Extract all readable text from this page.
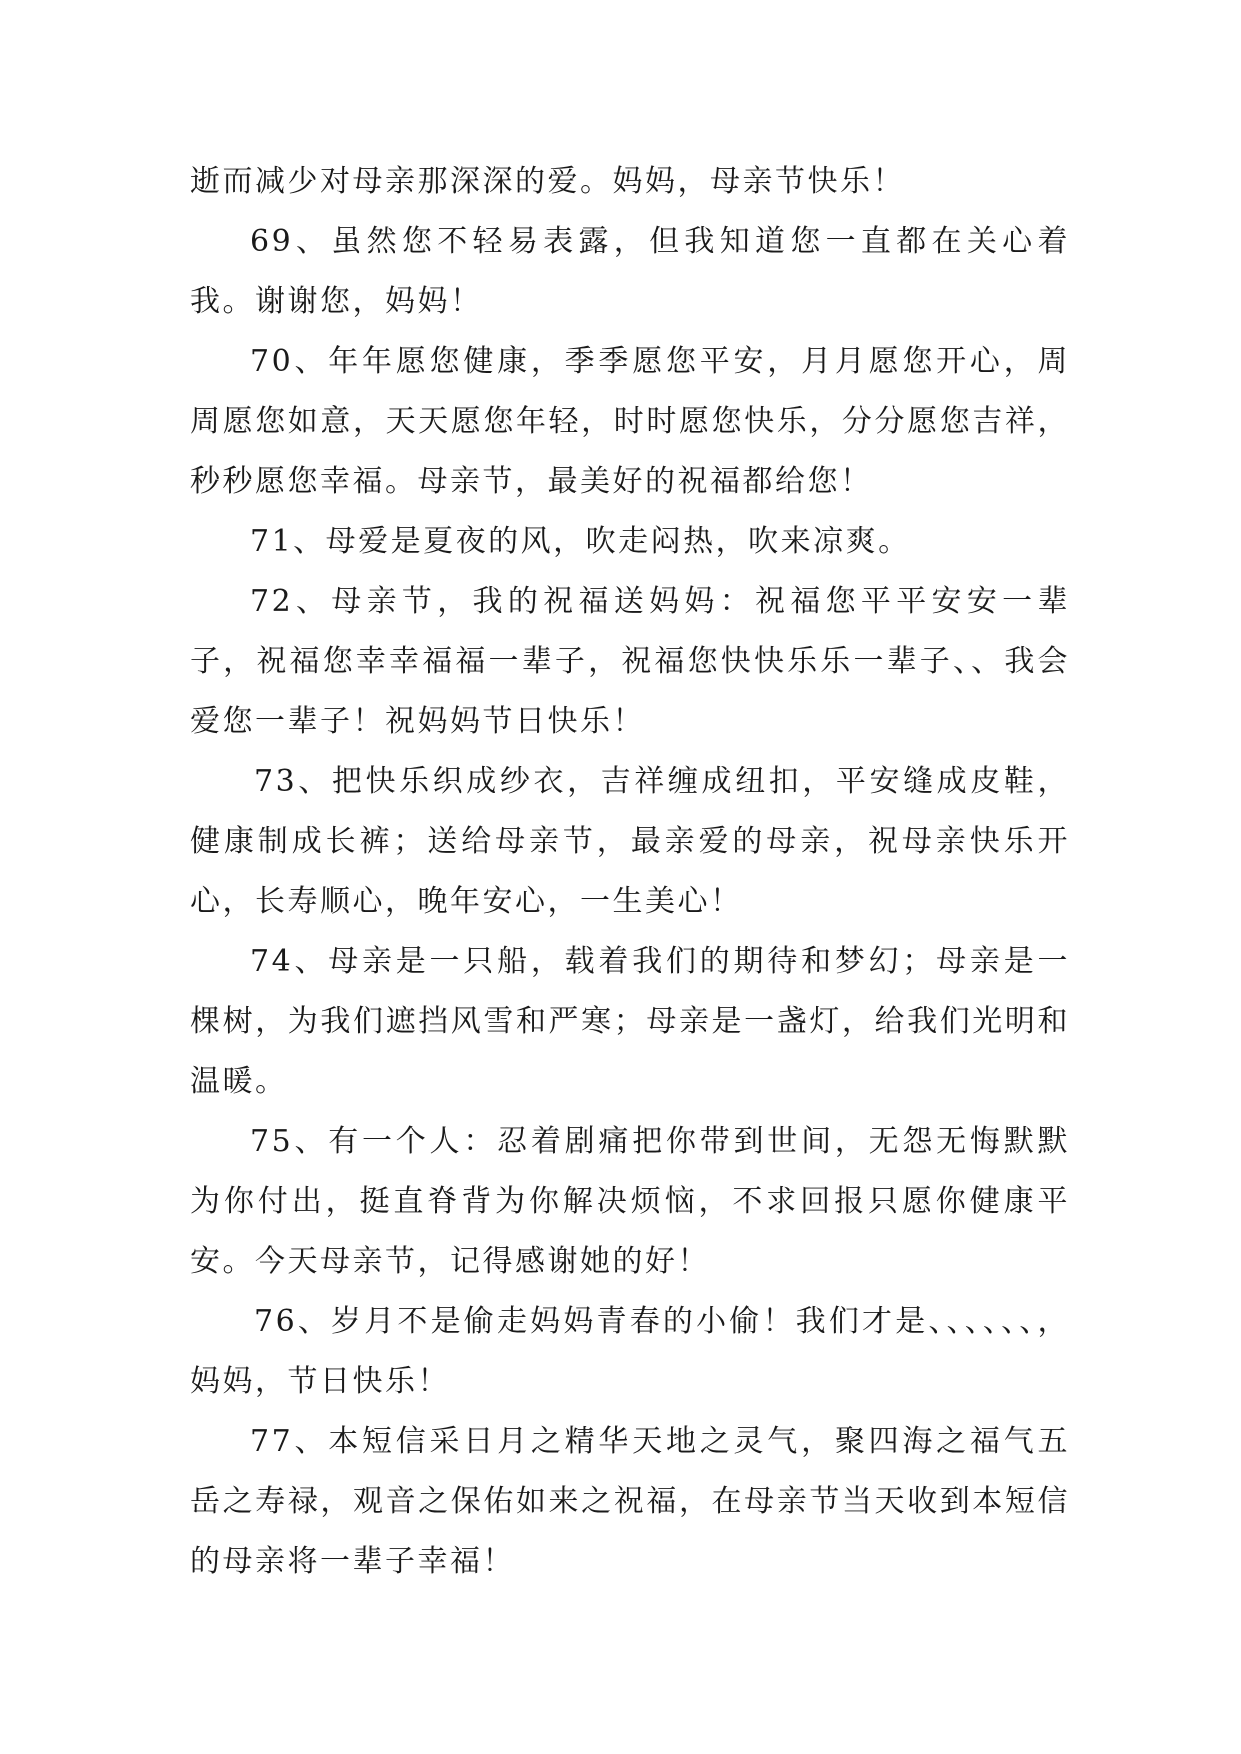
逝而减少对母亲那深深的爱。妈妈，母亲节快乐！

69、虽然您不轻易表露，但我知道您一直都在关心着我。谢谢您，妈妈！

70、年年愿您健康，季季愿您平安，月月愿您开心，周周愿您如意，天天愿您年轻，时时愿您快乐，分分愿您吉祥，秒秒愿您幸福。母亲节，最美好的祝福都给您！

71、母爱是夏夜的风，吹走闷热，吹来凉爽。

72、母亲节，我的祝福送妈妈：祝福您平平安安一辈子，祝福您幸幸福福一辈子，祝福您快快乐乐一辈子、、我会爱您一辈子！祝妈妈节日快乐！

73、把快乐织成纱衣，吉祥缠成纽扣，平安缝成皮鞋，健康制成长裤；送给母亲节，最亲爱的母亲，祝母亲快乐开心，长寿顺心，晚年安心，一生美心！

74、母亲是一只船，载着我们的期待和梦幻；母亲是一棵树，为我们遮挡风雪和严寒；母亲是一盏灯，给我们光明和温暖。

75、有一个人：忍着剧痛把你带到世间，无怨无悔默默为你付出，挺直脊背为你解决烦恼，不求回报只愿你健康平安。今天母亲节，记得感谢她的好！

76、岁月不是偷走妈妈青春的小偷！我们才是、、、、、、，妈妈，节日快乐！

77、本短信采日月之精华天地之灵气，聚四海之福气五岳之寿禄，观音之保佑如来之祝福，在母亲节当天收到本短信的母亲将一辈子幸福！
